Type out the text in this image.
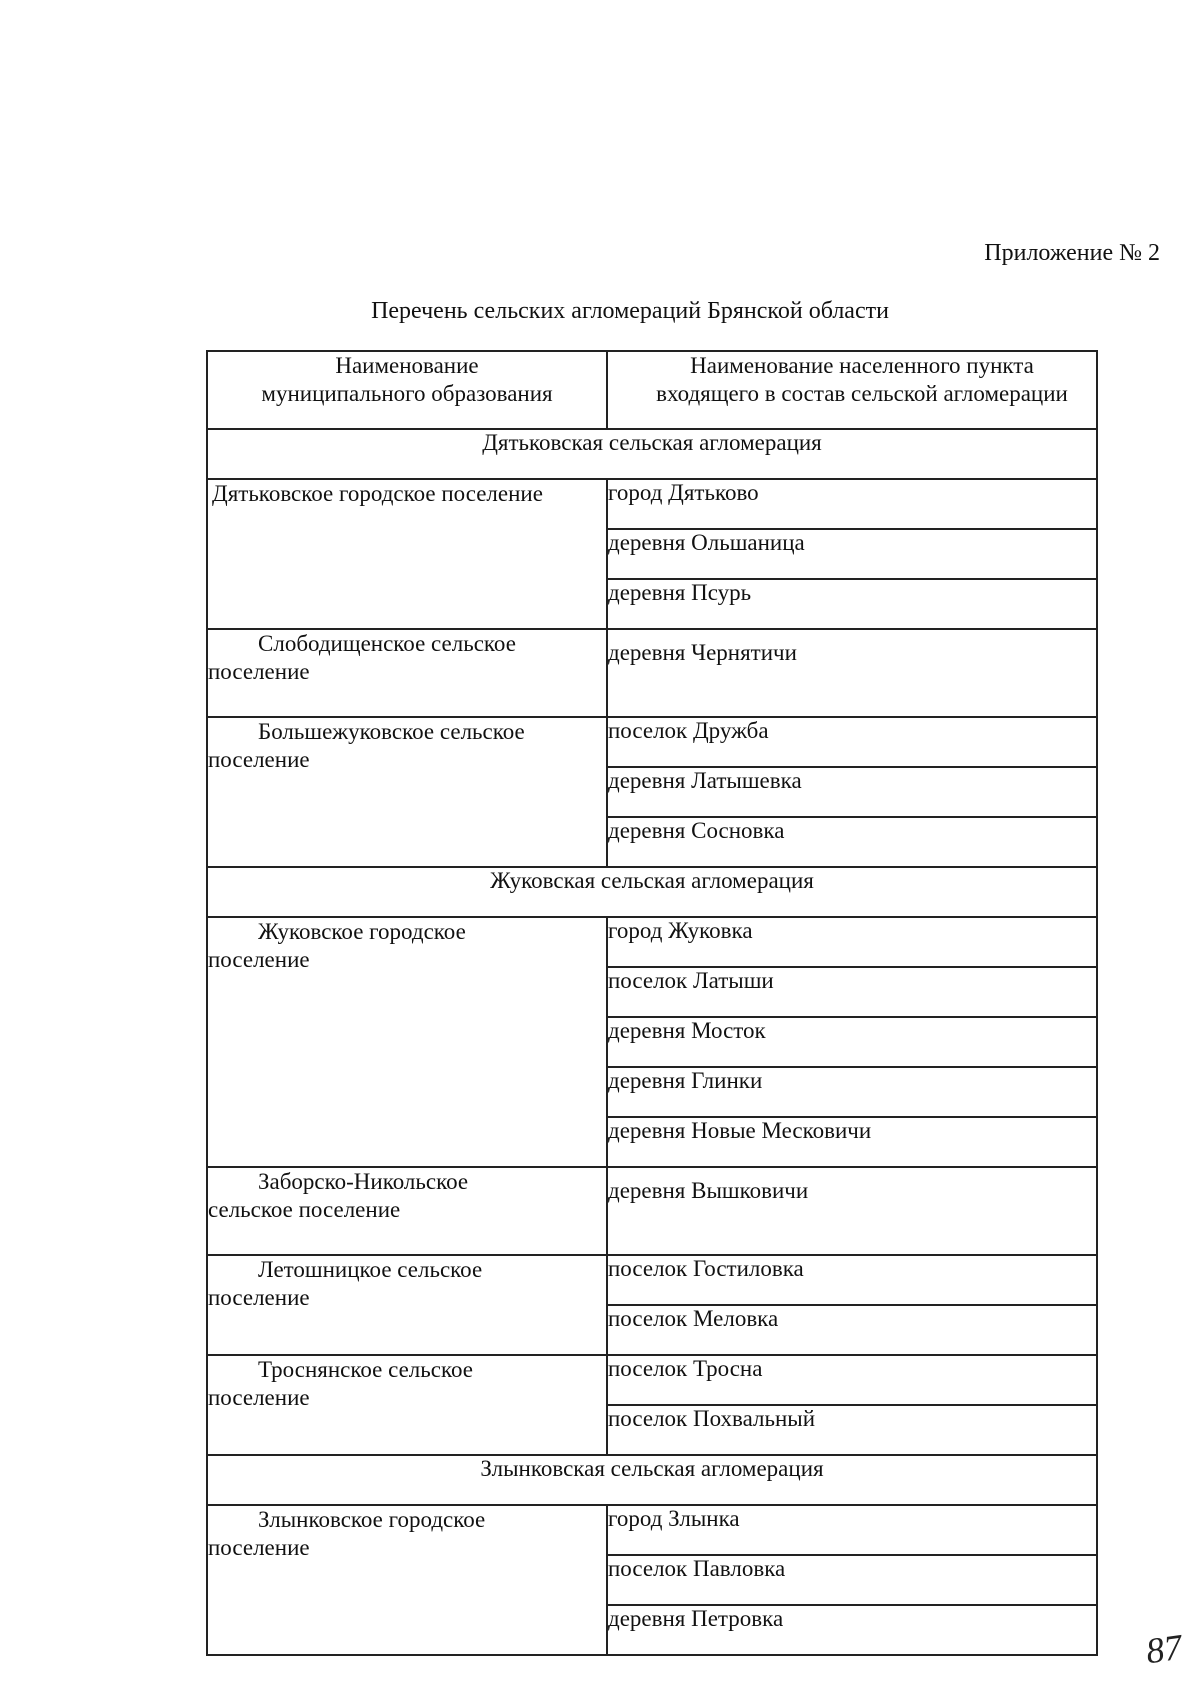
Приложение № 2
Перечень сельских агломераций Брянской области
Наименование
муниципального образования	Наименование населенного пункта
входящего в состав сельской агломерации

Дятьковская сельская агломерация	

Дятьковское городское поселение	город Дятьково
	деревня Ольшаница
	деревня Псурь

Слободищенское сельское
поселение	деревня Чернятичи

Большежуковское сельское
поселение	поселок Дружба
	деревня Латышевка
	деревня Сосновка
Жуковская сельская агломерация	

Жуковское городское
поселение	город Жуковка
	поселок Латыши
	деревня Мосток
	деревня Глинки
	деревня Новые Месковичи

Заборско-Никольское
сельское поселение	деревня Вышковичи

Летошницкое сельское
поселение	поселок Гостиловка
	поселок Меловка

Троснянское сельское
поселение	поселок Тросна
	поселок Похвальный
Злынковская сельская агломерация	

Злынковское городское
поселение	город Злынка
	поселок Павловка
	деревня Петровка
87
